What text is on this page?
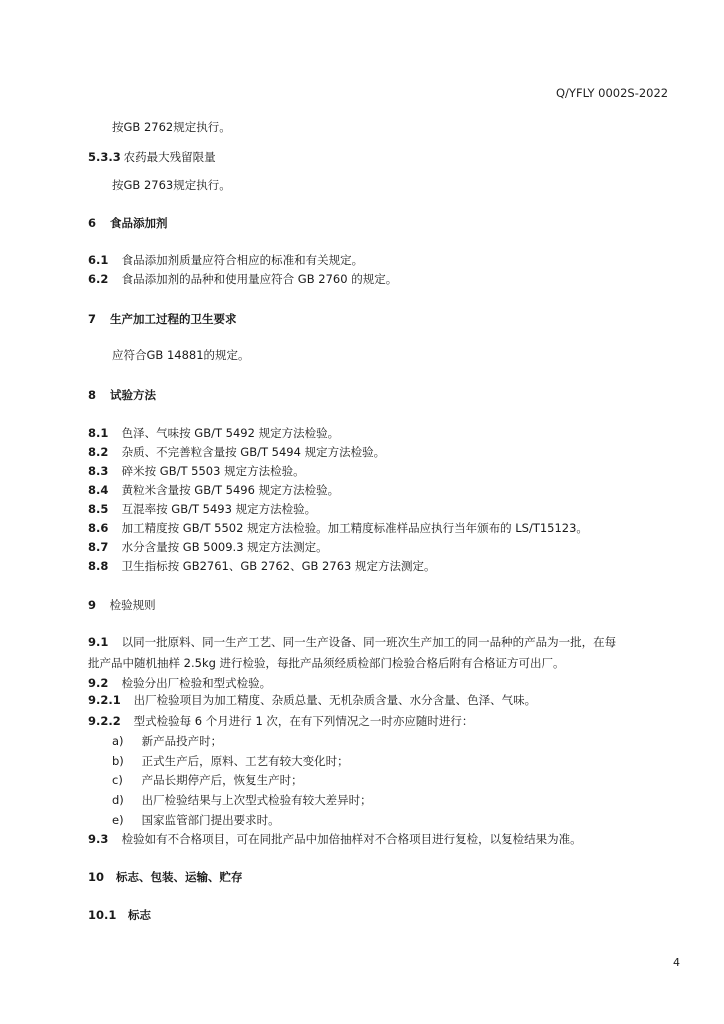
Q/YFLY 0002S-2022
按GB 2762规定执行。
5.3.3 农药最大残留限量
按GB 2763规定执行。
6 食品添加剂
6.1 食品添加剂质量应符合相应的标准和有关规定。
6.2 食品添加剂的品种和使用量应符合 GB 2760 的规定。
7 生产加工过程的卫生要求
应符合GB 14881的规定。
8 试验方法
8.1 色泽、气味按 GB/T 5492 规定方法检验。
8.2 杂质、不完善粒含量按 GB/T 5494 规定方法检验。
8.3 碎米按 GB/T 5503 规定方法检验。
8.4 黄粒米含量按 GB/T 5496 规定方法检验。
8.5 互混率按 GB/T 5493 规定方法检验。
8.6 加工精度按 GB/T 5502 规定方法检验。加工精度标准样品应执行当年颁布的 LS/T15123。
8.7 水分含量按 GB 5009.3 规定方法测定。
8.8 卫生指标按 GB2761、GB 2762、GB 2763 规定方法测定。
9 检验规则
9.1 以同一批原料、同一生产工艺、同一生产设备、同一班次生产加工的同一品种的产品为一批，在每
批产品中随机抽样 2.5kg 进行检验，每批产品须经质检部门检验合格后附有合格证方可出厂。
9.2 检验分出厂检验和型式检验。
9.2.1 出厂检验项目为加工精度、杂质总量、无机杂质含量、水分含量、色泽、气味。
9.2.2 型式检验每 6 个月进行 1 次，在有下列情况之一时亦应随时进行：
a) 新产品投产时；
b) 正式生产后，原料、工艺有较大变化时；
c) 产品长期停产后，恢复生产时；
d) 出厂检验结果与上次型式检验有较大差异时；
e) 国家监管部门提出要求时。
9.3 检验如有不合格项目，可在同批产品中加倍抽样对不合格项目进行复检，以复检结果为准。
10 标志、包装、运输、贮存
10.1 标志
4
